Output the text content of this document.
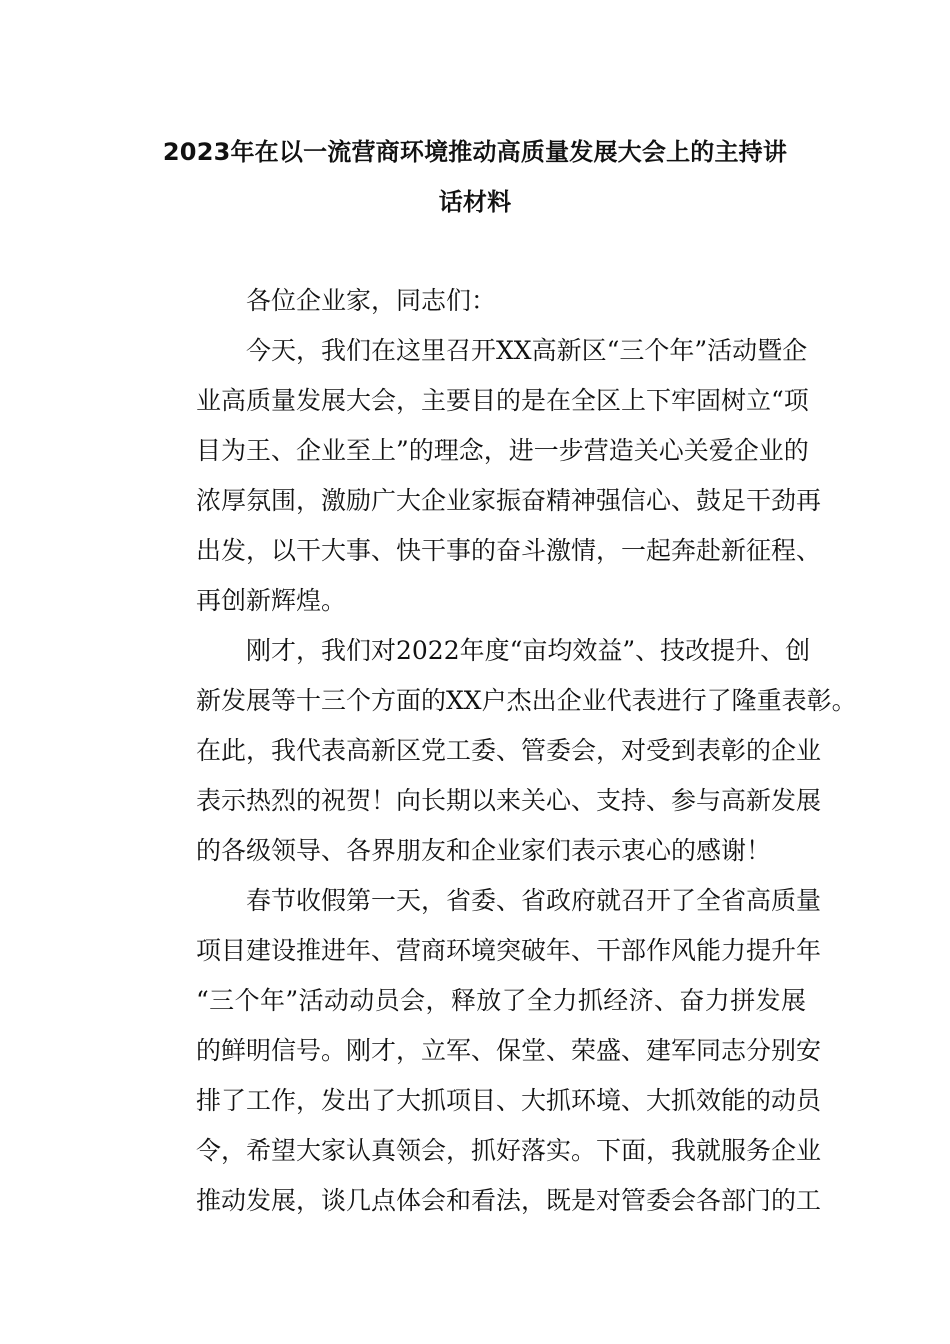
2023年在以一流营商环境推动高质量发展大会上的主持讲
话材料
各位企业家，同志们：
今天，我们在这里召开XX高新区“三个年”活动暨企
业高质量发展大会，主要目的是在全区上下牢固树立“项
目为王、企业至上”的理念，进一步营造关心关爱企业的
浓厚氛围，激励广大企业家振奋精神强信心、鼓足干劲再
出发，以干大事、快干事的奋斗激情，一起奔赴新征程、
再创新辉煌。
刚才，我们对2022年度“亩均效益”、技改提升、创
新发展等十三个方面的XX户杰出企业代表进行了隆重表彰。
在此，我代表高新区党工委、管委会，对受到表彰的企业
表示热烈的祝贺！向长期以来关心、支持、参与高新发展
的各级领导、各界朋友和企业家们表示衷心的感谢！
春节收假第一天，省委、省政府就召开了全省高质量
项目建设推进年、营商环境突破年、干部作风能力提升年
“三个年”活动动员会，释放了全力抓经济、奋力拼发展
的鲜明信号。刚才，立军、保堂、荣盛、建军同志分别安
排了工作，发出了大抓项目、大抓环境、大抓效能的动员
令，希望大家认真领会，抓好落实。下面，我就服务企业
推动发展，谈几点体会和看法，既是对管委会各部门的工
